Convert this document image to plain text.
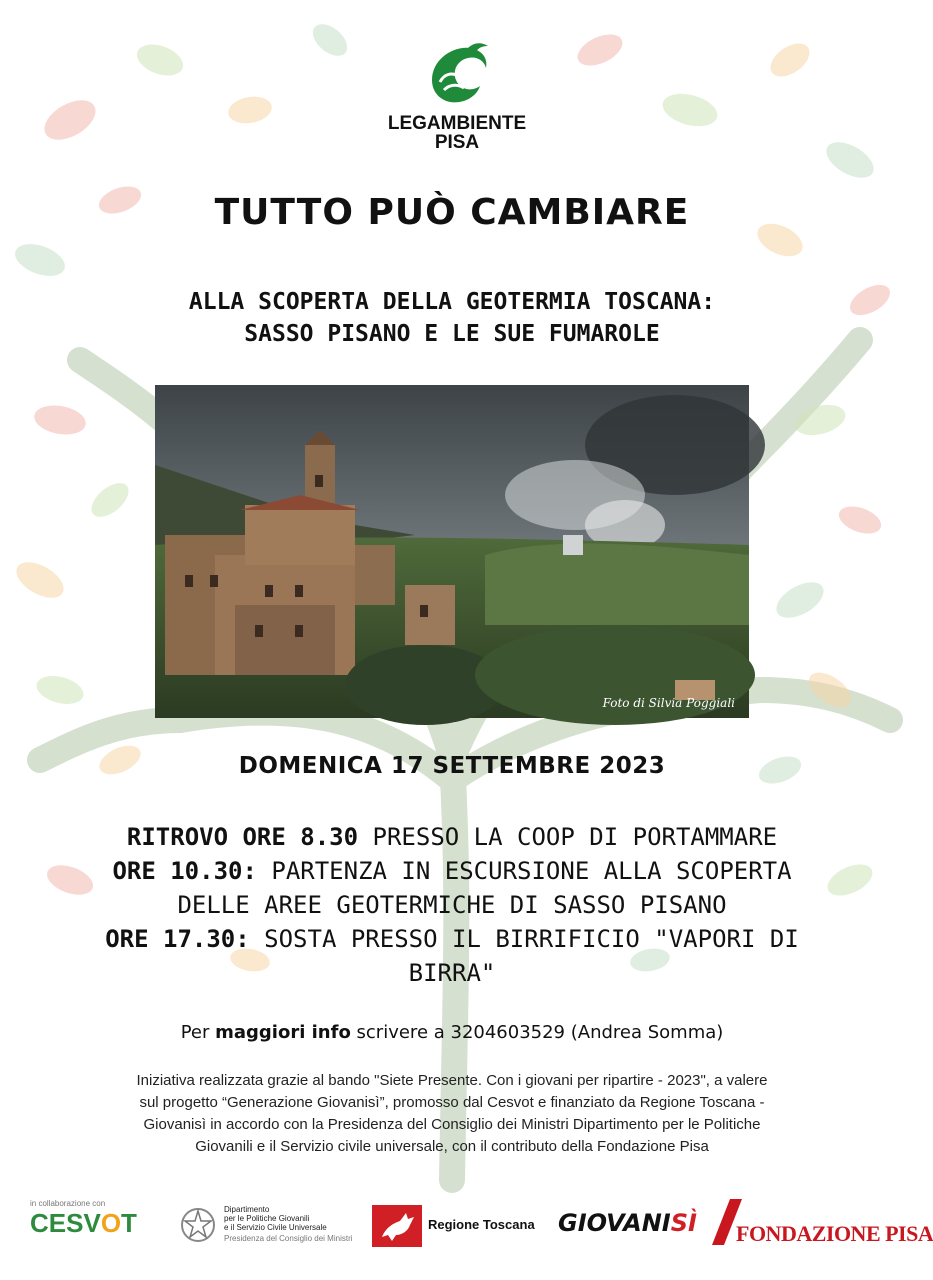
LEGAMBIENTE
PISA
TUTTO PUÒ CAMBIARE
ALLA SCOPERTA DELLA GEOTERMIA TOSCANA:
SASSO PISANO E LE SUE FUMAROLE
Foto di Silvia Poggiali
DOMENICA 17 SETTEMBRE 2023
RITROVO ORE 8.30 PRESSO LA COOP DI PORTAMMARE
ORE 10.30: PARTENZA IN ESCURSIONE ALLA SCOPERTA
DELLE AREE GEOTERMICHE DI SASSO PISANO
ORE 17.30: SOSTA PRESSO IL BIRRIFICIO "VAPORI DI
BIRRA"
Per maggiori info scrivere a 3204603529 (Andrea Somma)
Iniziativa realizzata grazie al bando "Siete Presente. Con i giovani per ripartire - 2023", a valere
sul progetto “Generazione Giovanisì”, promosso dal Cesvot e finanziato da Regione Toscana -
Giovanisì in accordo con la Presidenza del Consiglio dei Ministri Dipartimento per le Politiche
Giovanili e il Servizio civile universale, con il contributo della Fondazione Pisa
in collaborazione con
CESVOT	Dipartimento
per le Politiche Giovanili
e il Servizio Civile Universale
Presidenza del Consiglio dei Ministri
Regione Toscana GIOVANISÌ FONDAZIONE PISA
